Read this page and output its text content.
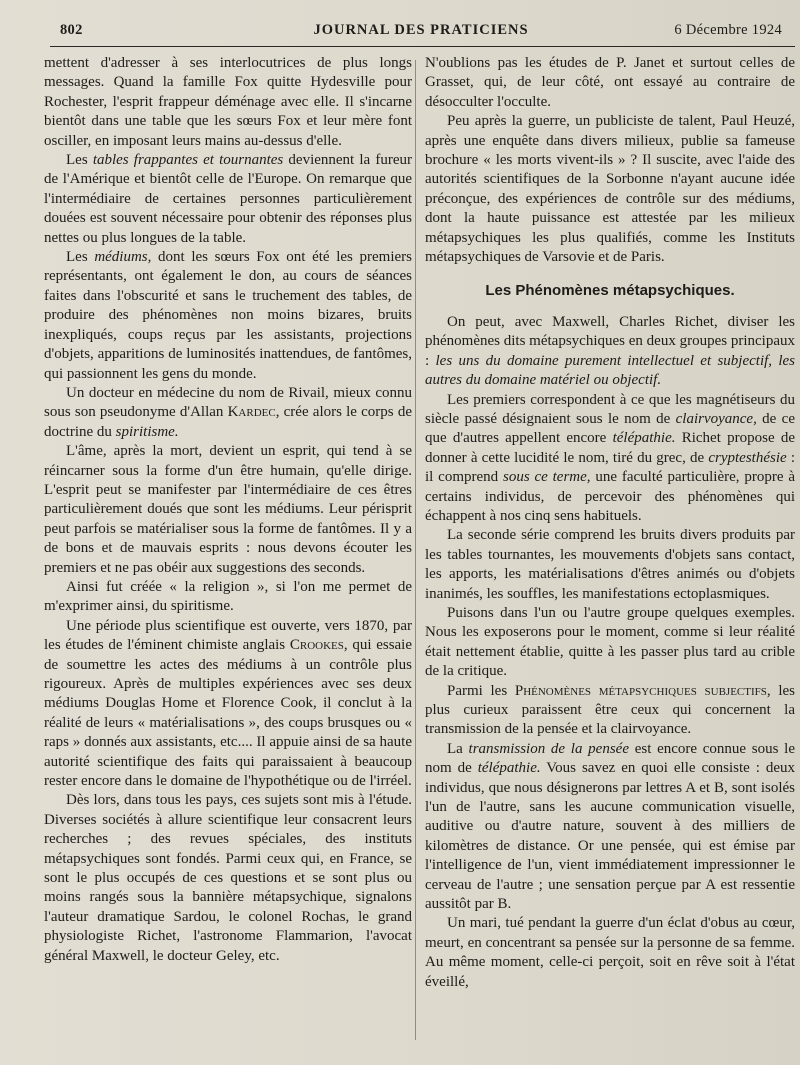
802	JOURNAL DES PRATICIENS	6 Décembre 1924

mettent d'adresser à ses interlocutrices de plus longs messages. Quand la famille Fox quitte Hydesville pour Rochester, l'esprit frappeur déménage avec elle. Il s'incarne bientôt dans une table que les sœurs Fox et leur mère font osciller, en imposant leurs mains au-dessus d'elle.

Les tables frappantes et tournantes deviennent la fureur de l'Amérique et bientôt celle de l'Europe. On remarque que l'intermédiaire de certaines personnes particulièrement douées est souvent nécessaire pour obtenir des réponses plus nettes ou plus longues de la table.

Les médiums, dont les sœurs Fox ont été les premiers représentants, ont également le don, au cours de séances faites dans l'obscurité et sans le truchement des tables, de produire des phénomènes non moins bizares, bruits inexpliqués, coups reçus par les assistants, projections d'objets, apparitions de luminosités inattendues, de fantômes, qui passionnent les gens du monde.

Un docteur en médecine du nom de Rivail, mieux connu sous son pseudonyme d'Allan Kardec, crée alors le corps de doctrine du spiritisme.

L'âme, après la mort, devient un esprit, qui tend à se réincarner sous la forme d'un être humain, qu'elle dirige. L'esprit peut se manifester par l'intermédiaire de ces êtres particulièrement doués que sont les médiums. Leur périsprit peut parfois se matérialiser sous la forme de fantômes. Il y a de bons et de mauvais esprits : nous devons écouter les premiers et ne pas obéir aux suggestions des seconds.

Ainsi fut créée « la religion », si l'on me permet de m'exprimer ainsi, du spiritisme.

Une période plus scientifique est ouverte, vers 1870, par les études de l'éminent chimiste anglais Crookes, qui essaie de soumettre les actes des médiums à un contrôle plus rigoureux. Après de multiples expériences avec ses deux médiums Douglas Home et Florence Cook, il conclut à la réalité de leurs « matérialisations », des coups brusques ou « raps » donnés aux assistants, etc.... Il appuie ainsi de sa haute autorité scientifique des faits qui paraissaient à beaucoup rester encore dans le domaine de l'hypothétique ou de l'irréel.

Dès lors, dans tous les pays, ces sujets sont mis à l'étude. Diverses sociétés à allure scientifique leur consacrent leurs recherches ; des revues spéciales, des instituts métapsychiques sont fondés. Parmi ceux qui, en France, se sont le plus occupés de ces questions et se sont plus ou moins rangés sous la bannière métapsychique, signalons l'auteur dramatique Sardou, le colonel Rochas, le grand physiologiste Richet, l'astronome Flammarion, l'avocat général Maxwell, le docteur Geley, etc.

N'oublions pas les études de P. Janet et surtout celles de Grasset, qui, de leur côté, ont essayé au contraire de désocculter l'occulte.

Peu après la guerre, un publiciste de talent, Paul Heuzé, après une enquête dans divers milieux, publie sa fameuse brochure « les morts vivent-ils » ? Il suscite, avec l'aide des autorités scientifiques de la Sorbonne n'ayant aucune idée préconçue, des expériences de contrôle sur des médiums, dont la haute puissance est attestée par les milieux métapsychiques les plus qualifiés, comme les Instituts métapsychiques de Varsovie et de Paris.

Les Phénomènes métapsychiques.

On peut, avec Maxwell, Charles Richet, diviser les phénomènes dits métapsychiques en deux groupes principaux : les uns du domaine purement intellectuel et subjectif, les autres du domaine matériel ou objectif.

Les premiers correspondent à ce que les magnétiseurs du siècle passé désignaient sous le nom de clairvoyance, de ce que d'autres appellent encore télépathie. Richet propose de donner à cette lucidité le nom, tiré du grec, de cryptesthésie : il comprend sous ce terme, une faculté particulière, propre à certains individus, de percevoir des phénomènes qui échappent à nos cinq sens habituels.

La seconde série comprend les bruits divers produits par les tables tournantes, les mouvements d'objets sans contact, les apports, les matérialisations d'êtres animés ou d'objets inanimés, les souffles, les manifestations ectoplasmiques.

Puisons dans l'un ou l'autre groupe quelques exemples. Nous les exposerons pour le moment, comme si leur réalité était nettement établie, quitte à les passer plus tard au crible de la critique.

Parmi les Phénomènes métapsychiques subjectifs, les plus curieux paraissent être ceux qui concernent la transmission de la pensée et la clairvoyance.

La transmission de la pensée est encore connue sous le nom de télépathie. Vous savez en quoi elle consiste : deux individus, que nous désignerons par lettres A et B, sont isolés l'un de l'autre, sans les aucune communication visuelle, auditive ou d'autre nature, souvent à des milliers de kilomètres de distance. Or une pensée, qui est émise par l'intelligence de l'un, vient immédiatement impressionner le cerveau de l'autre ; une sensation perçue par A est ressentie aussitôt par B.

Un mari, tué pendant la guerre d'un éclat d'obus au cœur, meurt, en concentrant sa pensée sur la personne de sa femme. Au même moment, celle-ci perçoit, soit en rêve soit à l'état éveillé,
